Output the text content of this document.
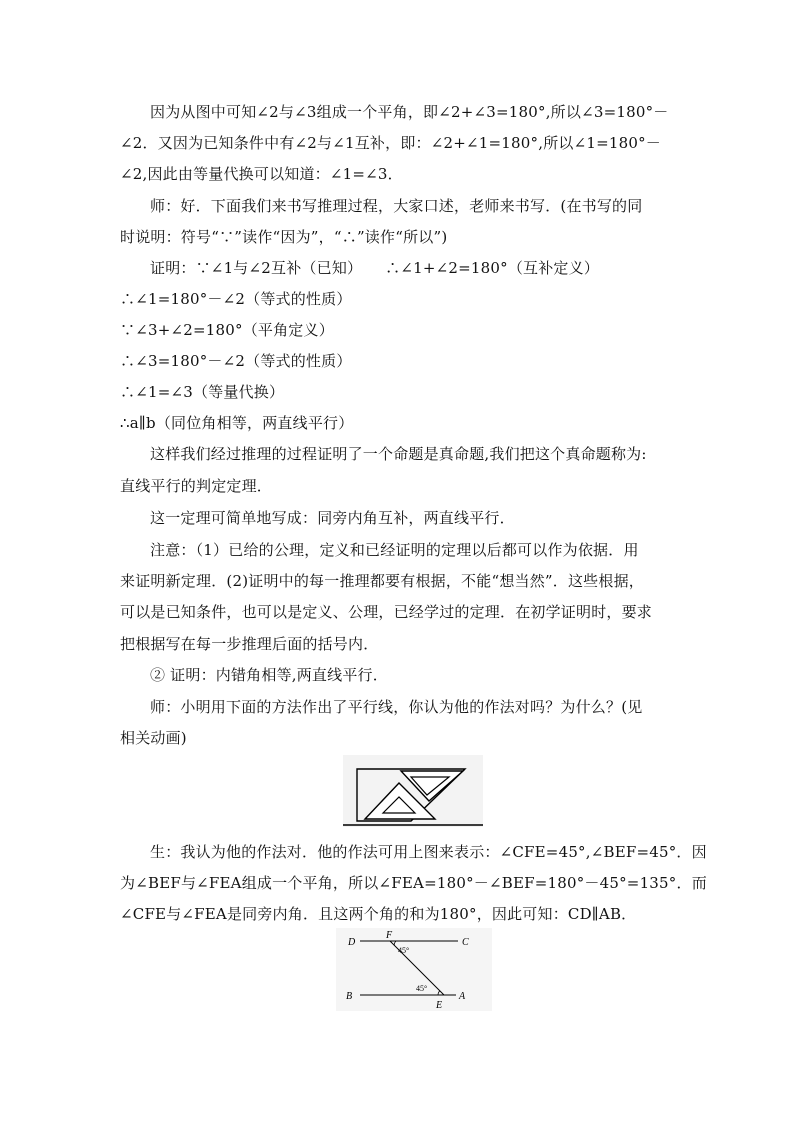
因为从图中可知∠2与∠3组成一个平角，即∠2+∠3=180°,所以∠3=180°－
∠2．又因为已知条件中有∠2与∠1互补，即：∠2+∠1=180°,所以∠1=180°－
∠2,因此由等量代换可以知道：∠1=∠3．
师：好．下面我们来书写推理过程，大家口述，老师来书写．(在书写的同
时说明：符号“∵”读作“因为”，“∴”读作“所以”)
证明：∵∠1与∠2互补（已知）　　∴∠1+∠2=180°（互补定义）
∴∠1=180°－∠2（等式的性质）
∵∠3+∠2=180°（平角定义）
∴∠3=180°－∠2（等式的性质）
∴∠1=∠3（等量代换）
∴a∥b（同位角相等，两直线平行）
这样我们经过推理的过程证明了一个命题是真命题,我们把这个真命题称为:
直线平行的判定定理．
这一定理可简单地写成：同旁内角互补，两直线平行．
注意：（1）已给的公理，定义和已经证明的定理以后都可以作为依据．用
来证明新定理．(2)证明中的每一推理都要有根据，不能“想当然”．这些根据，
可以是已知条件，也可以是定义、公理，已经学过的定理．在初学证明时，要求
把根据写在每一步推理后面的括号内．
② 证明：内错角相等,两直线平行．
师：小明用下面的方法作出了平行线，你认为他的作法对吗？为什么？(见
相关动画)
生：我认为他的作法对．他的作法可用上图来表示：∠CFE=45°,∠BEF=45°．因
为∠BEF与∠FEA组成一个平角，所以∠FEA=180°－∠BEF=180°－45°=135°．而
∠CFE与∠FEA是同旁内角．且这两个角的和为180°，因此可知：CD∥AB．
D
F
C
B
E
A
45°
45°
